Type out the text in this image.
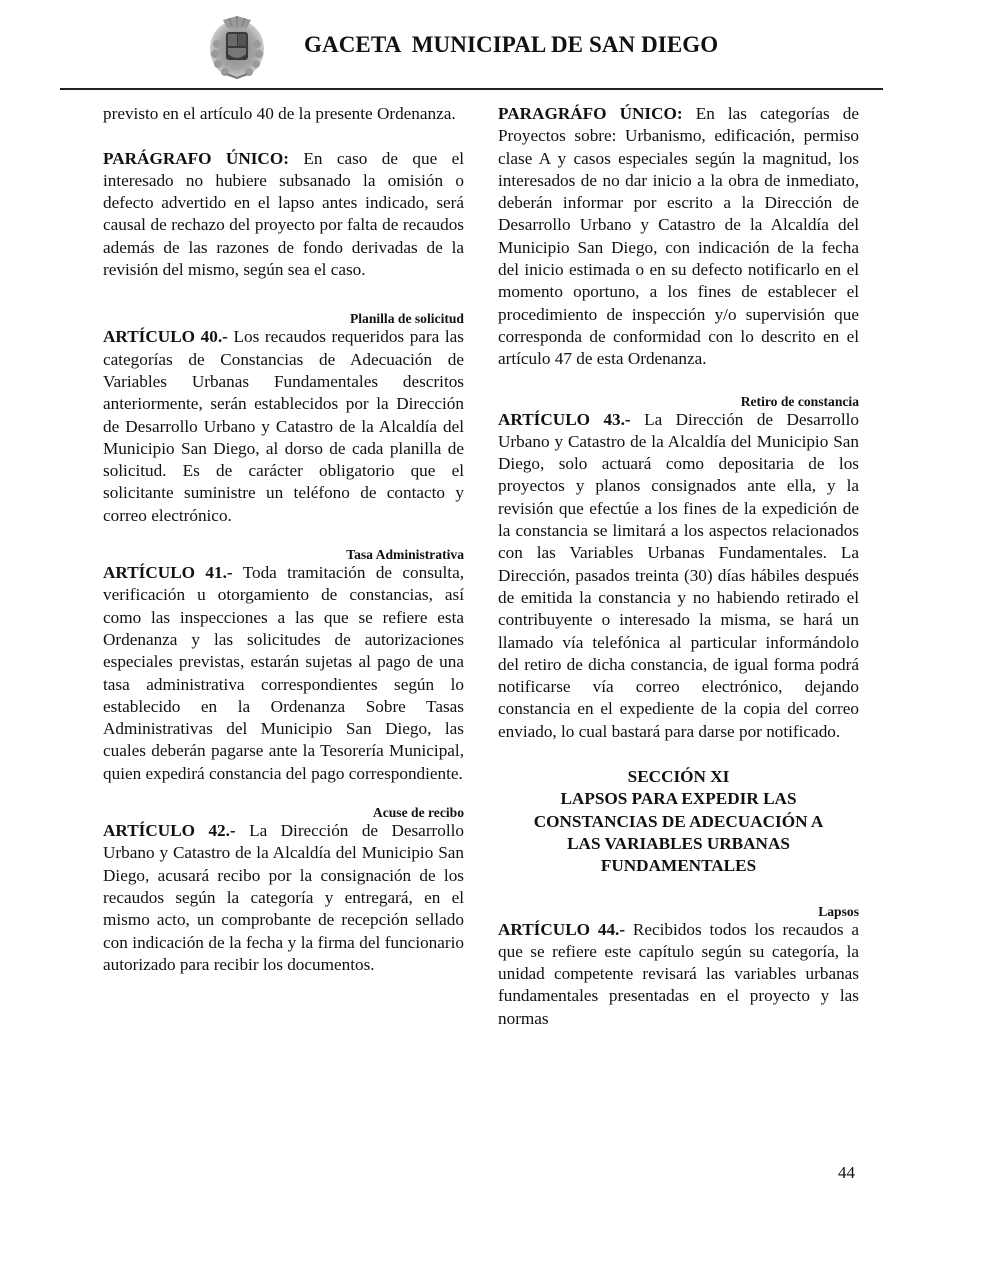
GACETA  MUNICIPAL DE SAN DIEGO

previsto en el artículo 40 de la presente Ordenanza.

PARÁGRAFO ÚNICO: En caso de que el interesado no hubiere subsanado la omisión o defecto advertido en el lapso antes indicado, será causal de rechazo del proyecto por falta de recaudos además de las razones de fondo derivadas de la revisión del mismo, según sea el caso.

Planilla de solicitud

ARTÍCULO 40.- Los recaudos requeridos para las categorías de Constancias de Adecuación de Variables Urbanas Fundamentales descritos anteriormente, serán establecidos por la Dirección de Desarrollo Urbano y Catastro de la Alcaldía del Municipio San Diego, al dorso de cada planilla de solicitud. Es de carácter obligatorio que el solicitante suministre un teléfono de contacto y correo electrónico.

Tasa Administrativa

ARTÍCULO 41.- Toda tramitación de consulta, verificación u otorgamiento de constancias, así como las inspecciones a las que se refiere esta Ordenanza y las solicitudes de autorizaciones especiales previstas, estarán sujetas al pago de una tasa administrativa correspondientes según lo establecido en la Ordenanza Sobre Tasas Administrativas del Municipio San Diego, las cuales deberán pagarse ante la Tesorería Municipal, quien expedirá constancia del pago correspondiente.

Acuse de recibo

ARTÍCULO 42.- La Dirección de Desarrollo Urbano y Catastro de la Alcaldía del Municipio San Diego, acusará recibo por la consignación de los recaudos según la categoría y entregará, en el mismo acto, un comprobante de recepción sellado con indicación de la fecha y la firma del funcionario autorizado para recibir los documentos.

PARAGRÁFO ÚNICO: En las categorías de Proyectos sobre: Urbanismo, edificación, permiso clase A y casos especiales según la magnitud, los interesados de no dar inicio a la obra de inmediato, deberán informar por escrito a la Dirección de Desarrollo Urbano y Catastro de la Alcaldía del Municipio San Diego, con indicación de la fecha del inicio estimada o en su defecto notificarlo en el momento oportuno, a los fines de establecer el procedimiento de inspección y/o supervisión que corresponda de conformidad con lo descrito en el artículo 47 de esta Ordenanza.

Retiro de constancia

ARTÍCULO 43.- La Dirección de Desarrollo Urbano y Catastro de la Alcaldía del Municipio San Diego, solo actuará como depositaria de los proyectos y planos consignados ante ella, y la revisión que efectúe a los fines de la expedición de la constancia se limitará a los aspectos relacionados con las Variables Urbanas Fundamentales. La Dirección, pasados treinta (30) días hábiles después de emitida la constancia y no habiendo retirado el contribuyente o interesado la misma, se hará un llamado vía telefónica al particular informándolo del retiro de dicha constancia, de igual forma podrá notificarse vía correo electrónico, dejando constancia en el expediente de la copia del correo enviado, lo cual bastará para darse por notificado.

SECCIÓN XI

LAPSOS PARA EXPEDIR LAS

CONSTANCIAS DE ADECUACIÓN A

LAS VARIABLES URBANAS

FUNDAMENTALES

Lapsos

ARTÍCULO 44.- Recibidos todos los recaudos a que se refiere este capítulo según su categoría, la unidad competente revisará las variables urbanas fundamentales presentadas en el proyecto y las normas

44
